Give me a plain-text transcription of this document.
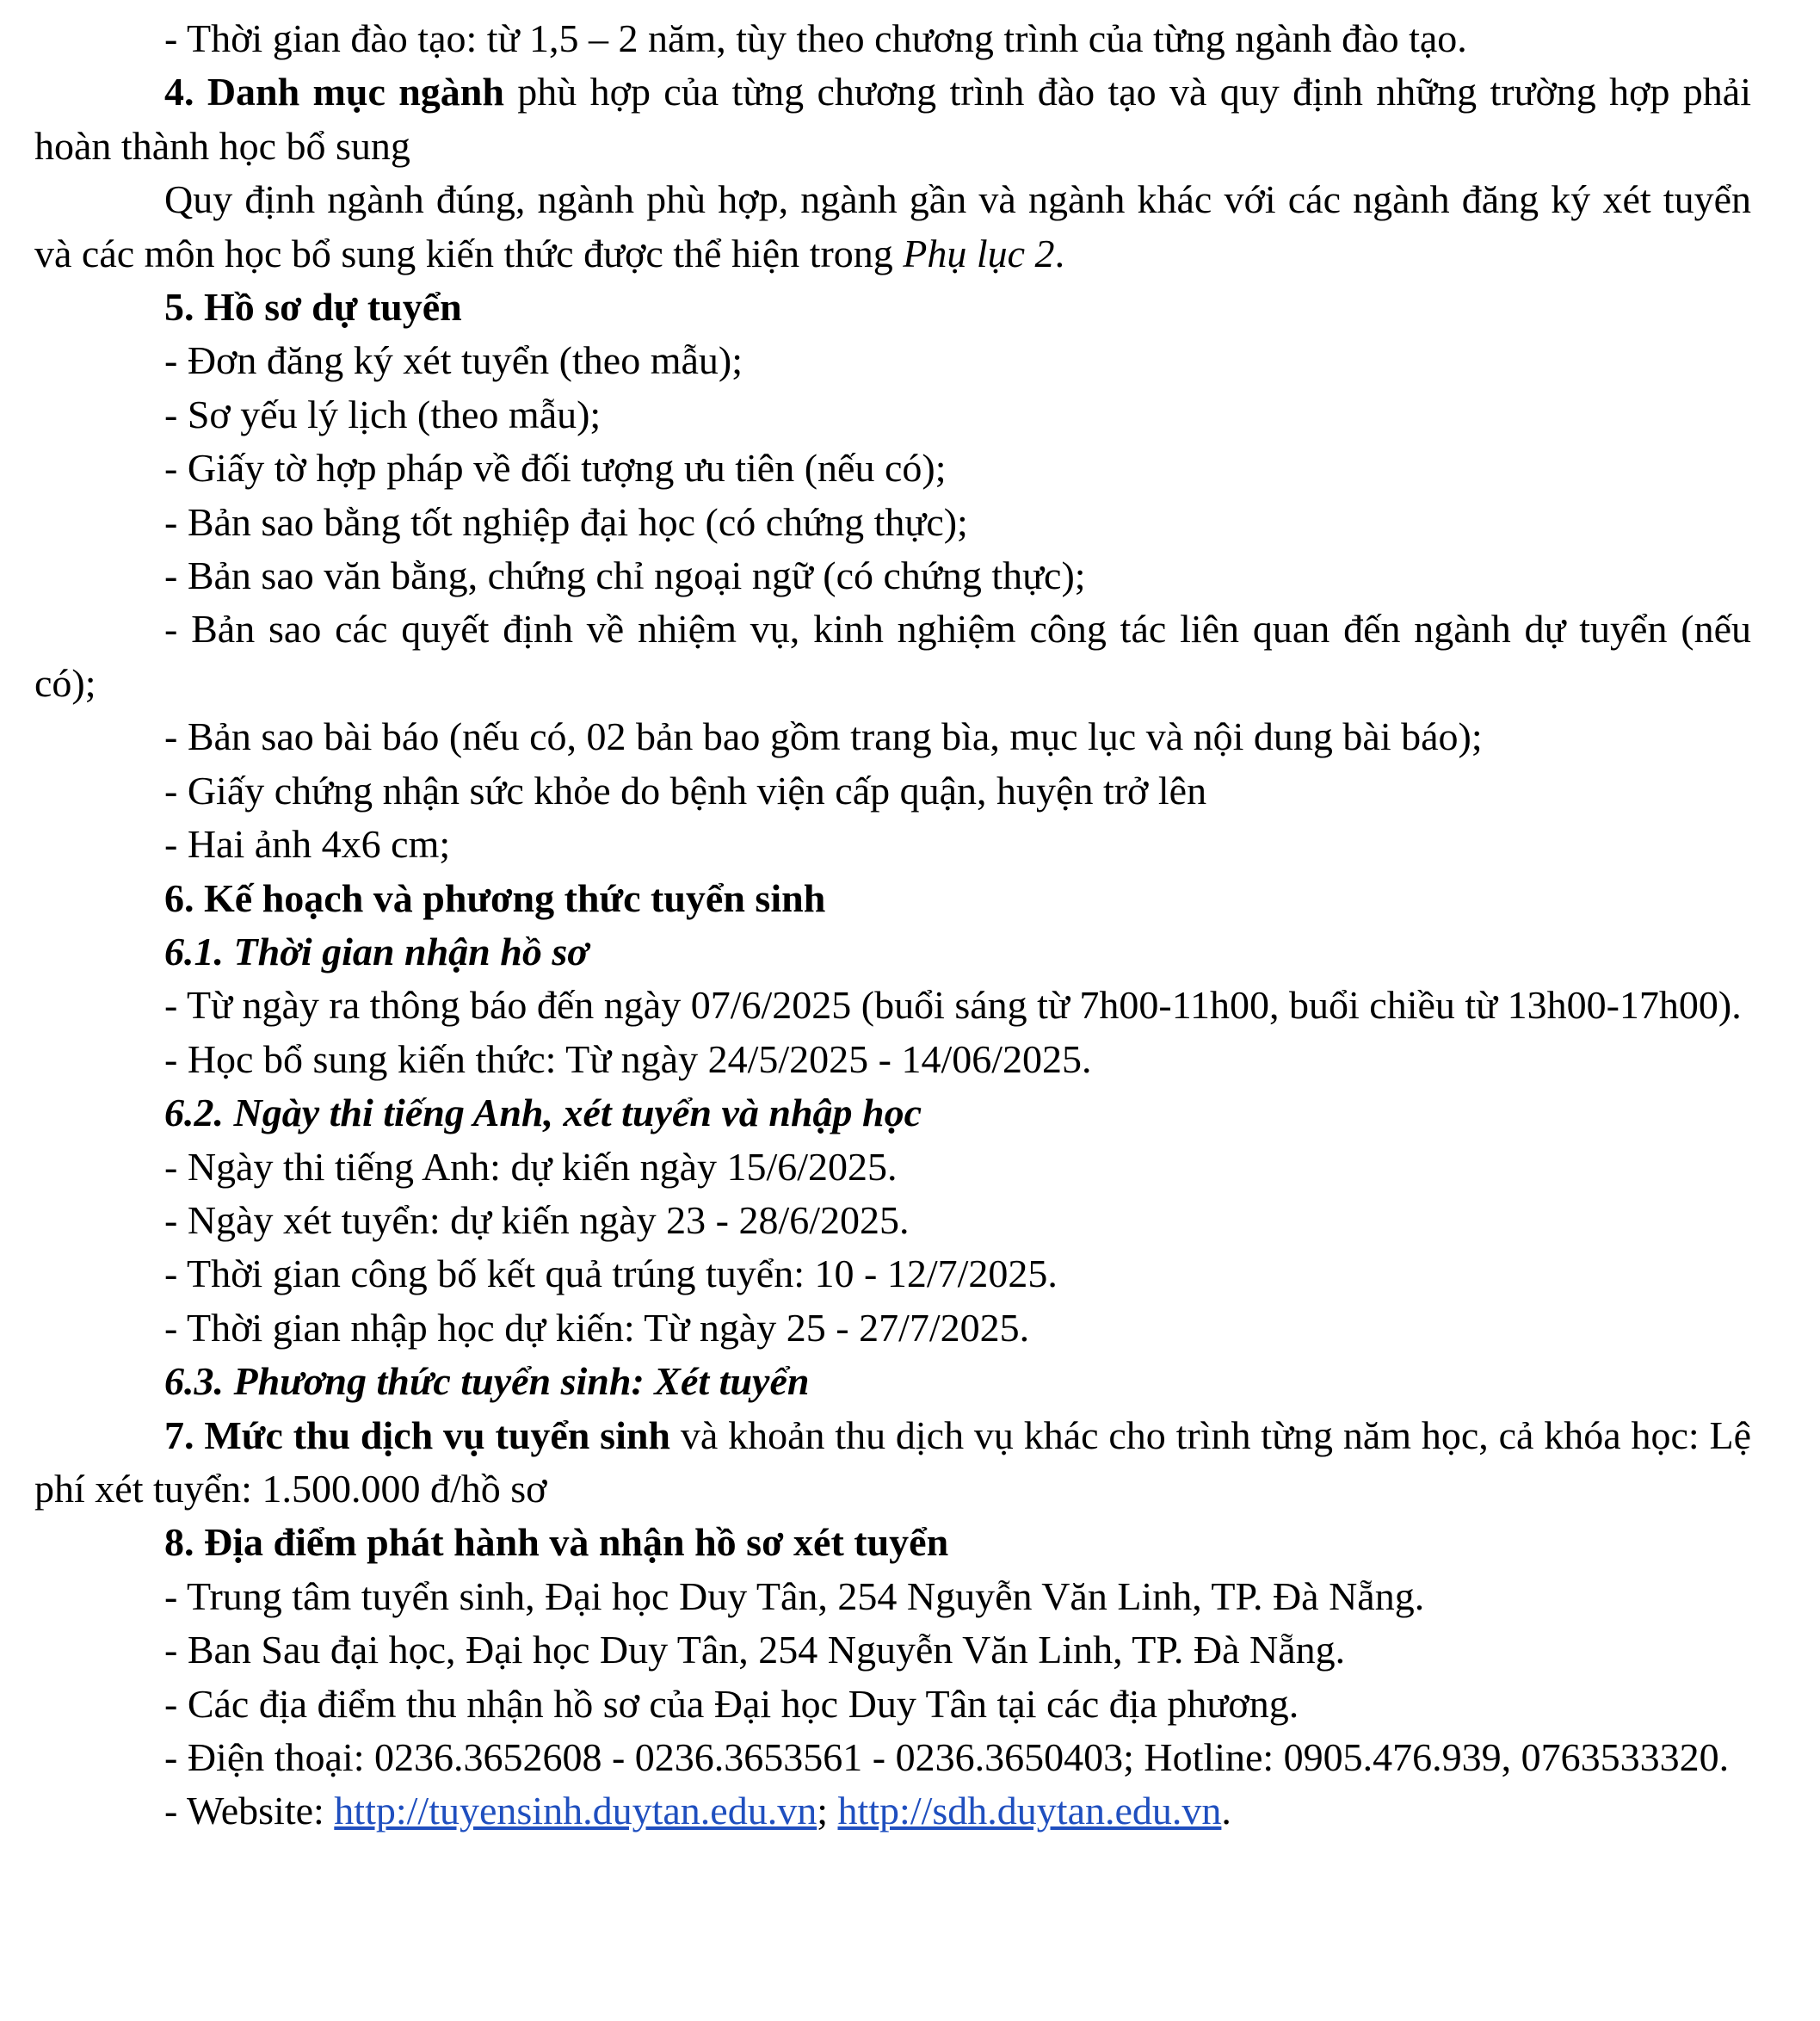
- Thời gian đào tạo: từ 1,5 – 2 năm, tùy theo chương trình của từng ngành đào tạo.

4. Danh mục ngành phù hợp của từng chương trình đào tạo và quy định những trường hợp phải hoàn thành học bổ sung

Quy định ngành đúng, ngành phù hợp, ngành gần và ngành khác với các ngành đăng ký xét tuyển và các môn học bổ sung kiến thức được thể hiện trong Phụ lục 2.

5. Hồ sơ dự tuyển

- Đơn đăng ký xét tuyển (theo mẫu);

- Sơ yếu lý lịch (theo mẫu);

- Giấy tờ hợp pháp về đối tượng ưu tiên (nếu có);

- Bản sao bằng tốt nghiệp đại học (có chứng thực);

- Bản sao văn bằng, chứng chỉ ngoại ngữ (có chứng thực);

- Bản sao các quyết định về nhiệm vụ, kinh nghiệm công tác liên quan đến ngành dự tuyển (nếu có);

- Bản sao bài báo (nếu có, 02 bản bao gồm trang bìa, mục lục và nội dung bài báo);

- Giấy chứng nhận sức khỏe do bệnh viện cấp quận, huyện trở lên

- Hai ảnh 4x6 cm;

6. Kế hoạch và phương thức tuyển sinh

6.1. Thời gian nhận hồ sơ

- Từ ngày ra thông báo đến ngày 07/6/2025 (buổi sáng từ 7h00-11h00, buổi chiều từ 13h00-17h00).

- Học bổ sung kiến thức: Từ ngày 24/5/2025 - 14/06/2025.

6.2. Ngày thi tiếng Anh, xét tuyển và nhập học

- Ngày thi tiếng Anh: dự kiến ngày 15/6/2025.

- Ngày xét tuyển: dự kiến ngày 23 - 28/6/2025.

- Thời gian công bố kết quả trúng tuyển: 10 - 12/7/2025.

- Thời gian nhập học dự kiến: Từ ngày 25 - 27/7/2025.

6.3. Phương thức tuyển sinh: Xét tuyển

7. Mức thu dịch vụ tuyển sinh và khoản thu dịch vụ khác cho trình từng năm học, cả khóa học: Lệ phí xét tuyển: 1.500.000 đ/hồ sơ

8. Địa điểm phát hành và nhận hồ sơ xét tuyển

- Trung tâm tuyển sinh, Đại học Duy Tân, 254 Nguyễn Văn Linh, TP. Đà Nẵng.

- Ban Sau đại học, Đại học Duy Tân, 254 Nguyễn Văn Linh, TP. Đà Nẵng.

- Các địa điểm thu nhận hồ sơ của Đại học Duy Tân tại các địa phương.

- Điện thoại: 0236.3652608 - 0236.3653561 - 0236.3650403; Hotline: 0905.476.939, 0763533320.

- Website: http://tuyensinh.duytan.edu.vn; http://sdh.duytan.edu.vn.
